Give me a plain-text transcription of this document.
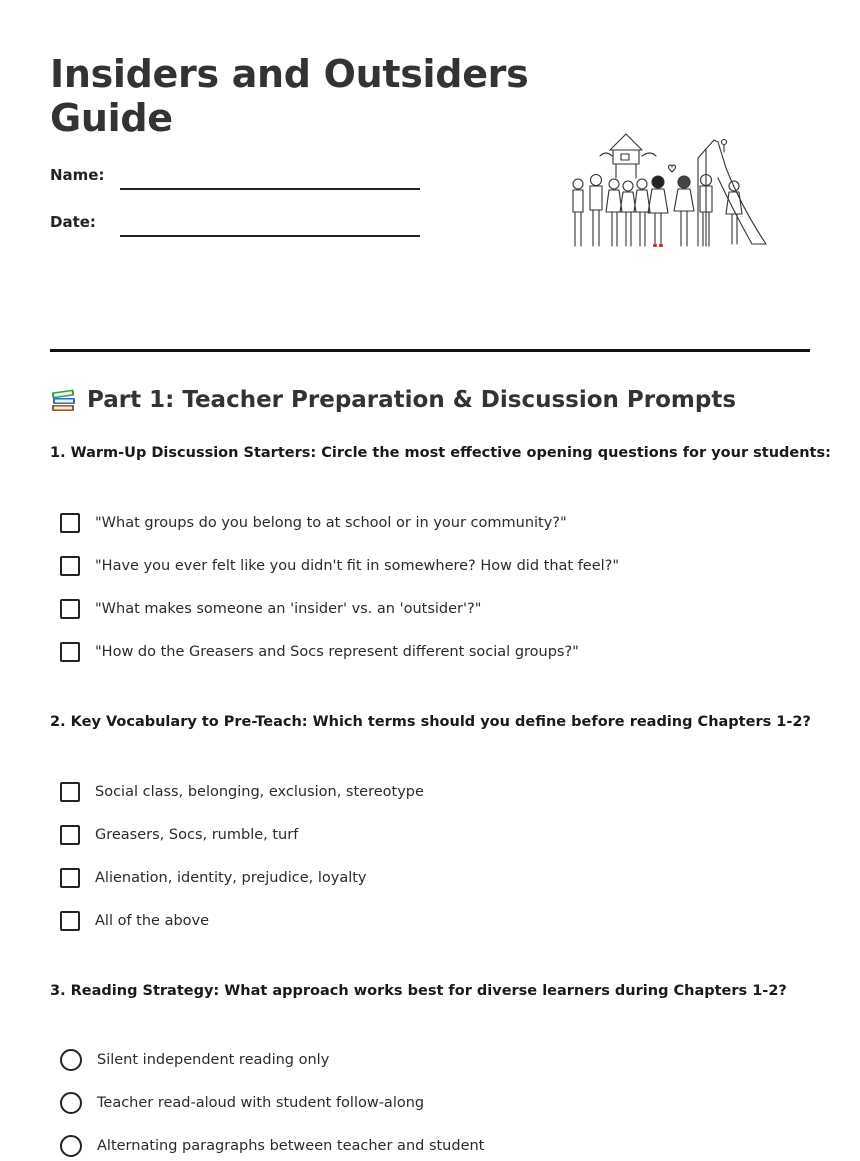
Insiders and Outsiders Guide
Name:
Date:
Part 1: Teacher Preparation & Discussion Prompts

1. Warm-Up Discussion Starters: Circle the most effective opening questions for your students:

"What groups do you belong to at school or in your community?"
"Have you ever felt like you didn't fit in somewhere? How did that feel?"
"What makes someone an 'insider' vs. an 'outsider'?"
"How do the Greasers and Socs represent different social groups?"

2. Key Vocabulary to Pre-Teach: Which terms should you define before reading Chapters 1-2?

Social class, belonging, exclusion, stereotype
Greasers, Socs, rumble, turf
Alienation, identity, prejudice, loyalty
All of the above

3. Reading Strategy: What approach works best for diverse learners during Chapters 1-2?

Silent independent reading only
Teacher read-aloud with student follow-along
Alternating paragraphs between teacher and student
